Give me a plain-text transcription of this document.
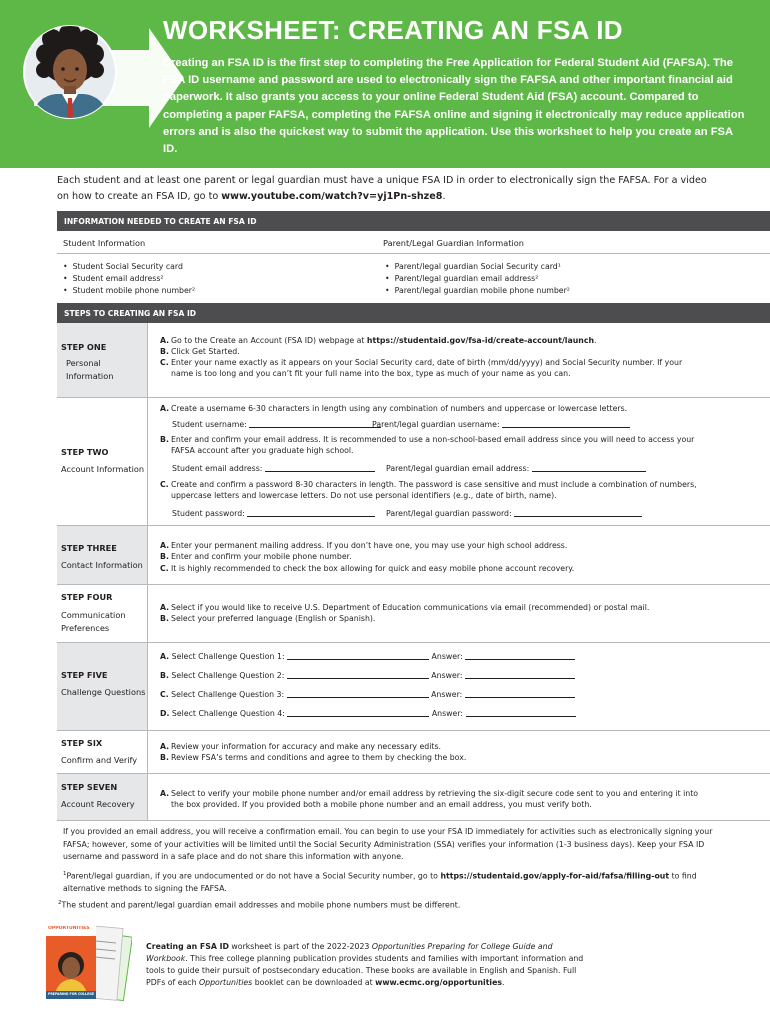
WORKSHEET: CREATING AN FSA ID
Creating an FSA ID is the first step to completing the Free Application for Federal Student Aid (FAFSA). The FSA ID username and password are used to electronically sign the FAFSA and other important financial aid paperwork. It also grants you access to your online Federal Student Aid (FSA) account. Compared to completing a paper FAFSA, completing the FAFSA online and signing it electronically may reduce application errors and is also the quickest way to submit the application. Use this worksheet to help you create an FSA ID.
Each student and at least one parent or legal guardian must have a unique FSA ID in order to electronically sign the FAFSA. For a video on how to create an FSA ID, go to www.youtube.com/watch?v=yj1Pn-shze8.
INFORMATION NEEDED TO CREATE AN FSA ID
Student Information	Parent/Legal Guardian Information
• Student Social Security card
• Student email address²
• Student mobile phone number²
• Parent/legal guardian Social Security card¹
• Parent/legal guardian email address²
• Parent/legal guardian mobile phone number²
STEPS TO CREATING AN FSA ID
STEP ONE
Personal
Information
A. Go to the Create an Account (FSA ID) webpage at https://studentaid.gov/fsa-id/create-account/launch.
B. Click Get Started.
C. Enter your name exactly as it appears on your Social Security card, date of birth (mm/dd/yyyy) and Social Security number. If your name is too long and you can’t fit your full name into the box, type as much of your name as you can.
STEP TWO
Account Information
A. Create a username 6-30 characters in length using any combination of numbers and uppercase or lowercase letters.
Student username:	Parent/legal guardian username:
B. Enter and confirm your email address. It is recommended to use a non-school-based email address since you will need to access your FAFSA account after you graduate high school.
Student email address:	Parent/legal guardian email address:
C. Create and confirm a password 8-30 characters in length. The password is case sensitive and must include a combination of numbers, uppercase letters and lowercase letters. Do not use personal identifiers (e.g., date of birth, name).
Student password:	Parent/legal guardian password:
STEP THREE
Contact Information
A. Enter your permanent mailing address. If you don’t have one, you may use your high school address.
B. Enter and confirm your mobile phone number.
C. It is highly recommended to check the box allowing for quick and easy mobile phone account recovery.
STEP FOUR
Communication
Preferences
A. Select if you would like to receive U.S. Department of Education communications via email (recommended) or postal mail.
B. Select your preferred language (English or Spanish).
STEP FIVE
Challenge Questions
A. Select Challenge Question 1:	Answer:
B. Select Challenge Question 2:	Answer:
C. Select Challenge Question 3:	Answer:
D. Select Challenge Question 4:	Answer:
STEP SIX
Confirm and Verify
A. Review your information for accuracy and make any necessary edits.
B. Review FSA’s terms and conditions and agree to them by checking the box.
STEP SEVEN
Account Recovery
A. Select to verify your mobile phone number and/or email address by retrieving the six-digit secure code sent to you and entering it into the box provided. If you provided both a mobile phone number and an email address, you must verify both.
If you provided an email address, you will receive a confirmation email. You can begin to use your FSA ID immediately for activities such as electronically signing your FAFSA; however, some of your activities will be limited until the Social Security Administration (SSA) verifies your information (1-3 business days). Keep your FSA ID username and password in a safe place and do not share this information with anyone.
$^1$Parent/legal guardian, if you are undocumented or do not have a Social Security number, go to https://studentaid.gov/apply-for-aid/fafsa/filling-out to find alternative methods to signing the FAFSA.
$^2$The student and parent/legal guardian email addresses and mobile phone numbers must be different.
OPPORTUNITIES
PREPARING FOR COLLEGE
Creating an FSA ID worksheet is part of the 2022-2023 Opportunities Preparing for College Guide and Workbook. This free college planning publication provides students and families with important information and tools to guide their pursuit of postsecondary education. These books are available in English and Spanish. Full PDFs of each Opportunities booklet can be downloaded at www.ecmc.org/opportunities.
